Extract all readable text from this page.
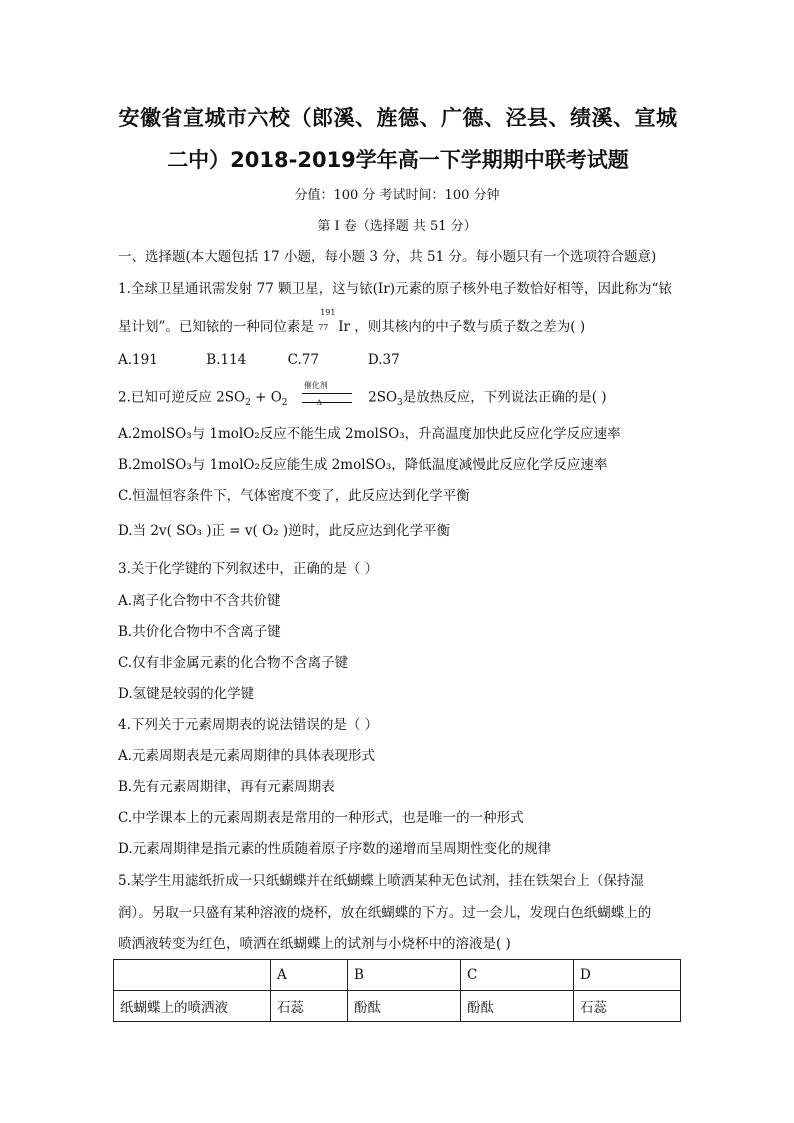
安徽省宣城市六校（郎溪、旌德、广德、泾县、绩溪、宣城
二中）2018-2019学年高一下学期期中联考试题
分值：100 分 考试时间：100 分钟
第 I 卷（选择题 共 51 分）
一、选择题(本大题包括 17 小题，每小题 3 分，共 51 分。每小题只有一个选项符合题意)
1.全球卫星通讯需发射 77 颗卫星，这与铱(Ir)元素的原子核外电子数恰好相等，因此称为“铱
星计划”。已知铱的一种同位素是
191
77 Ir ，则其核内的中子数与质子数之差为( )
A.191	B.114	C.77	D.37
2.已知可逆反应 $2SO_2 + O_2$
催化剂
Δ	$2SO_3$是放热反应，下列说法正确的是( )
A.2molSO₃与 1molO₂反应不能生成 2molSO₃，升高温度加快此反应化学反应速率
B.2molSO₃与 1molO₂反应能生成 2molSO₃，降低温度减慢此反应化学反应速率
C.恒温恒容条件下，气体密度不变了，此反应达到化学平衡
D.当 2v( SO₃ )正 = v( O₂ )逆时，此反应达到化学平衡
3.关于化学键的下列叙述中，正确的是（ ）
A.离子化合物中不含共价键
B.共价化合物中不含离子键
C.仅有非金属元素的化合物不含离子键
D.氢键是较弱的化学键
4.下列关于元素周期表的说法错误的是（ ）
A.元素周期表是元素周期律的具体表现形式
B.先有元素周期律，再有元素周期表
C.中学课本上的元素周期表是常用的一种形式，也是唯一的一种形式
D.元素周期律是指元素的性质随着原子序数的递增而呈周期性变化的规律
5.某学生用滤纸折成一只纸蝴蝶并在纸蝴蝶上喷洒某种无色试剂，挂在铁架台上（保持湿
润）。另取一只盛有某种溶液的烧杯，放在纸蝴蝶的下方。过一会儿，发现白色纸蝴蝶上的
喷洒液转变为红色，喷洒在纸蝴蝶上的试剂与小烧杯中的溶液是( )
	A	B	C	D
纸蝴蝶上的喷洒液	石蕊	酚酞	酚酞	石蕊
